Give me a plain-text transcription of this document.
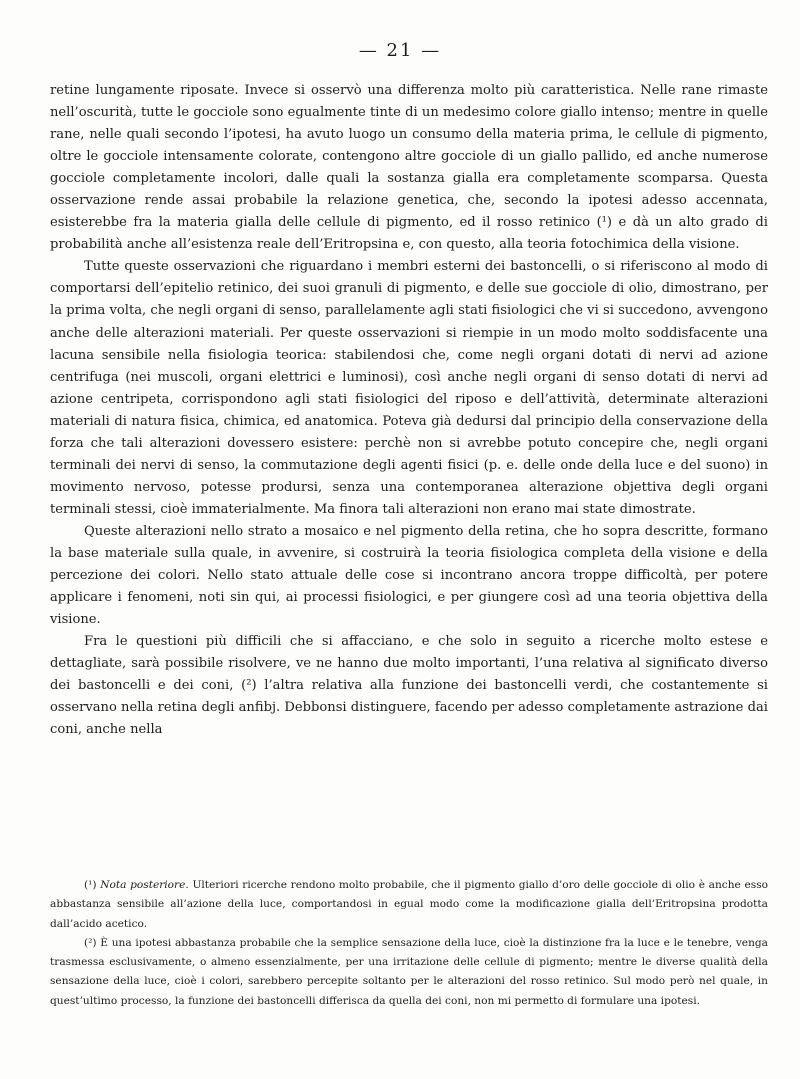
— 21 —

retine lungamente riposate. Invece si osservò una differenza molto più caratteristica. Nelle rane rimaste nell’oscurità, tutte le gocciole sono egualmente tinte di un medesimo colore giallo intenso; mentre in quelle rane, nelle quali secondo l’ipotesi, ha avuto luogo un consumo della materia prima, le cellule di pigmento, oltre le gocciole intensamente colorate, contengono altre gocciole di un giallo pallido, ed anche numerose gocciole completamente incolori, dalle quali la sostanza gialla era completamente scomparsa. Questa osservazione rende assai probabile la relazione genetica, che, secondo la ipotesi adesso accennata, esisterebbe fra la materia gialla delle cellule di pigmento, ed il rosso retinico (¹) e dà un alto grado di probabilità anche all’esistenza reale dell’Eritropsina e, con questo, alla teoria fotochimica della visione.

Tutte queste osservazioni che riguardano i membri esterni dei bastoncelli, o si riferiscono al modo di comportarsi dell’epitelio retinico, dei suoi granuli di pigmento, e delle sue gocciole di olio, dimostrano, per la prima volta, che negli organi di senso, parallelamente agli stati fisiologici che vi si succedono, avvengono anche delle alterazioni materiali. Per queste osservazioni si riempie in un modo molto soddisfacente una lacuna sensibile nella fisiologia teorica: stabilendosi che, come negli organi dotati di nervi ad azione centrifuga (nei muscoli, organi elettrici e luminosi), così anche negli organi di senso dotati di nervi ad azione centripeta, corrispondono agli stati fisiologici del riposo e dell’attività, determinate alterazioni materiali di natura fisica, chimica, ed anatomica. Poteva già dedursi dal principio della conservazione della forza che tali alterazioni dovessero esistere: perchè non si avrebbe potuto concepire che, negli organi terminali dei nervi di senso, la commutazione degli agenti fisici (p. e. delle onde della luce e del suono) in movimento nervoso, potesse prodursi, senza una contemporanea alterazione objettiva degli organi terminali stessi, cioè immaterialmente. Ma finora tali alterazioni non erano mai state dimostrate.

Queste alterazioni nello strato a mosaico e nel pigmento della retina, che ho sopra descritte, formano la base materiale sulla quale, in avvenire, si costruirà la teoria fisiologica completa della visione e della percezione dei colori. Nello stato attuale delle cose si incontrano ancora troppe difficoltà, per potere applicare i fenomeni, noti sin qui, ai processi fisiologici, e per giungere così ad una teoria objettiva della visione.

Fra le questioni più difficili che si affacciano, e che solo in seguito a ricerche molto estese e dettagliate, sarà possibile risolvere, ve ne hanno due molto importanti, l’una relativa al significato diverso dei bastoncelli e dei coni, (²) l’altra relativa alla funzione dei bastoncelli verdi, che costantemente si osservano nella retina degli anfibj. Debbonsi distinguere, facendo per adesso completamente astrazione dai coni, anche nella

(¹) Nota posteriore. Ulteriori ricerche rendono molto probabile, che il pigmento giallo d’oro delle gocciole di olio è anche esso abbastanza sensibile all’azione della luce, comportandosi in egual modo come la modificazione gialla dell’Eritropsina prodotta dall’acido acetico.

(²) È una ipotesi abbastanza probabile che la semplice sensazione della luce, cioè la distinzione fra la luce e le tenebre, venga trasmessa esclusivamente, o almeno essenzialmente, per una irritazione delle cellule di pigmento; mentre le diverse qualità della sensazione della luce, cioè i colori, sarebbero percepite soltanto per le alterazioni del rosso retinico. Sul modo però nel quale, in quest’ultimo processo, la funzione dei bastoncelli differisca da quella dei coni, non mi permetto di formulare una ipotesi.
